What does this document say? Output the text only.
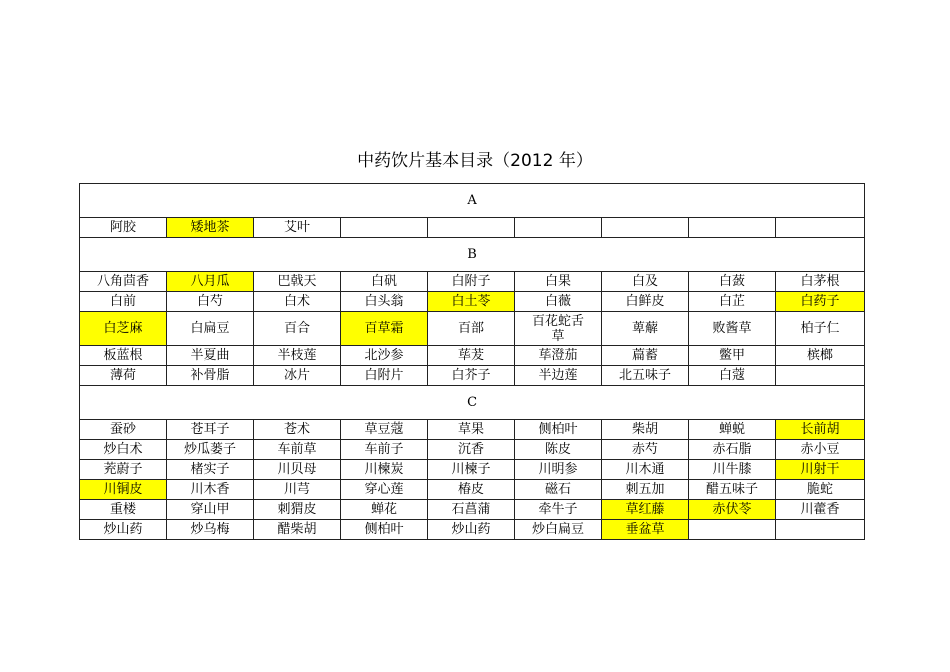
中药饮片基本目录（2012 年）
A								
阿胶	矮地茶	艾叶						
B								
八角茴香	八月瓜	巴戟天	白矾	白附子	白果	白及	白蔹	白茅根
白前	白芍	白术	白头翁	白土苓	白薇	白鲜皮	白芷	白药子
白芝麻	白扁豆	百合	百草霜	百部	百花蛇舌草	萆薢	败酱草	柏子仁
板蓝根	半夏曲	半枝莲	北沙参	荜茇	荜澄茄	萹蓄	鳖甲	槟榔
薄荷	补骨脂	冰片	白附片	白芥子	半边莲	北五味子	白蔻	
C								
蚕砂	苍耳子	苍术	草豆蔻	草果	侧柏叶	柴胡	蝉蜕	长前胡
炒白术	炒瓜蒌子	车前草	车前子	沉香	陈皮	赤芍	赤石脂	赤小豆
茺蔚子	楮实子	川贝母	川楝炭	川楝子	川明参	川木通	川牛膝	川射干
川铜皮	川木香	川芎	穿心莲	椿皮	磁石	刺五加	醋五味子	脆蛇
重楼	穿山甲	刺猬皮	蝉花	石菖蒲	牵牛子	草红藤	赤伏苓	川藿香
炒山药	炒乌梅	醋柴胡	侧柏叶	炒山药	炒白扁豆	垂盆草		
